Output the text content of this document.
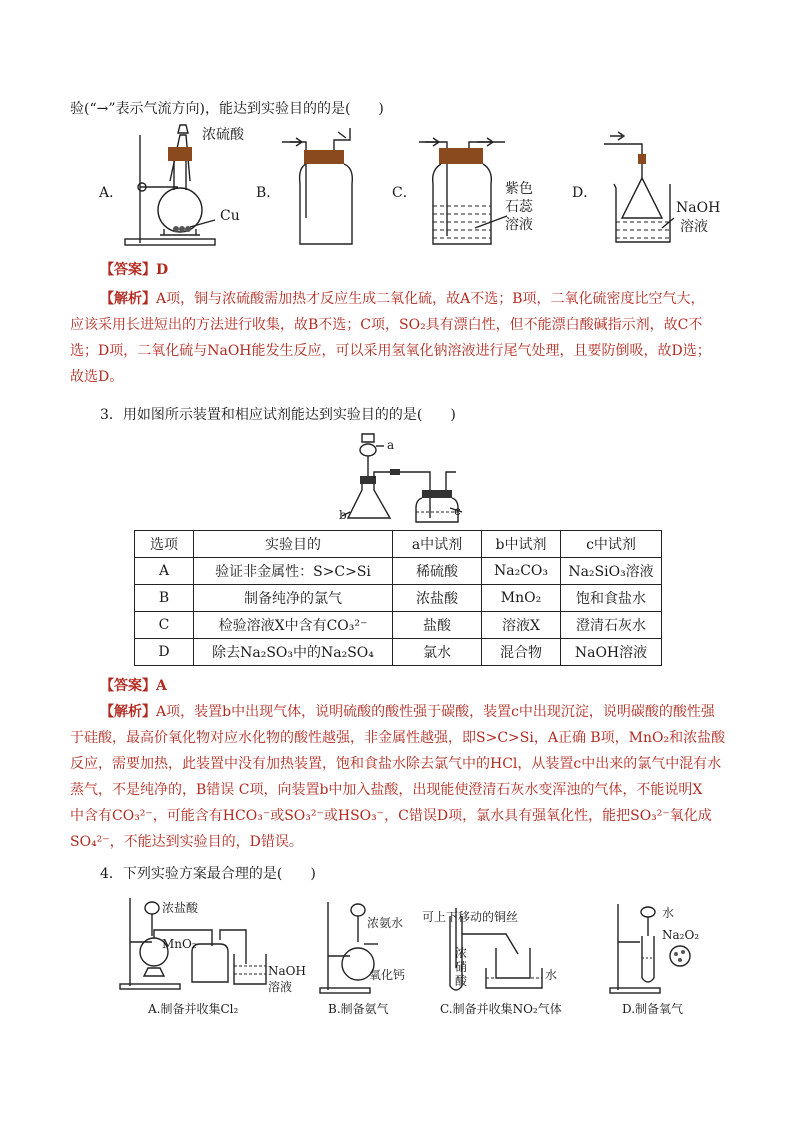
验(“→”表示气流方向)，能达到实验目的的是(　　)
A．
浓硫酸
Cu
B．	C．	紫色
石蕊
溶液
D．
NaOH
溶液
【答案】D
【解析】A项，铜与浓硫酸需加热才反应生成二氧化硫，故A不选；B项，二氧化硫密度比空气大，
应该采用长进短出的方法进行收集，故B不选；C项，SO₂具有漂白性，但不能漂白酸碱指示剂，故C不
选；D项，二氧化硫与NaOH能发生反应，可以采用氢氧化钠溶液进行尾气处理，且要防倒吸，故D选；
故选D。
3．用如图所示装置和相应试剂能达到实验目的的是(　　)
a
b	c
选项	实验目的	a中试剂	b中试剂	c中试剂
A	验证非金属性：S>C>Si	稀硫酸	Na₂CO₃	Na₂SiO₃溶液
B	制备纯净的氯气	浓盐酸	MnO₂	饱和食盐水
C	检验溶液X中含有CO₃²⁻	盐酸	溶液X	澄清石灰水
D	除去Na₂SO₃中的Na₂SO₄	氯水	混合物	NaOH溶液
【答案】A
【解析】A项，装置b中出现气体，说明硫酸的酸性强于碳酸，装置c中出现沉淀，说明碳酸的酸性强
于硅酸，最高价氧化物对应水化物的酸性越强，非金属性越强，即S>C>Si，A正确 B项，MnO₂和浓盐酸
反应，需要加热，此装置中没有加热装置，饱和食盐水除去氯气中的HCl，从装置c中出来的氯气中混有水
蒸气，不是纯净的，B错误 C项，向装置b中加入盐酸，出现能使澄清石灰水变浑浊的气体，不能说明X
中含有CO₃²⁻，可能含有HCO₃⁻或SO₃²⁻或HSO₃⁻，C错误D项，氯水具有强氧化性，能把SO₃²⁻氧化成
SO₄²⁻，不能达到实验目的，D错误。
4．下列实验方案最合理的是(　　)
浓盐酸
MnO₂
NaOH
溶液
A.制备并收集Cl₂
浓氨水
氧化钙
B.制备氨气
可上下移动的铜丝
浓
硝
酸	水
C.制备并收集NO₂气体
水
Na₂O₂
D.制备氧气
